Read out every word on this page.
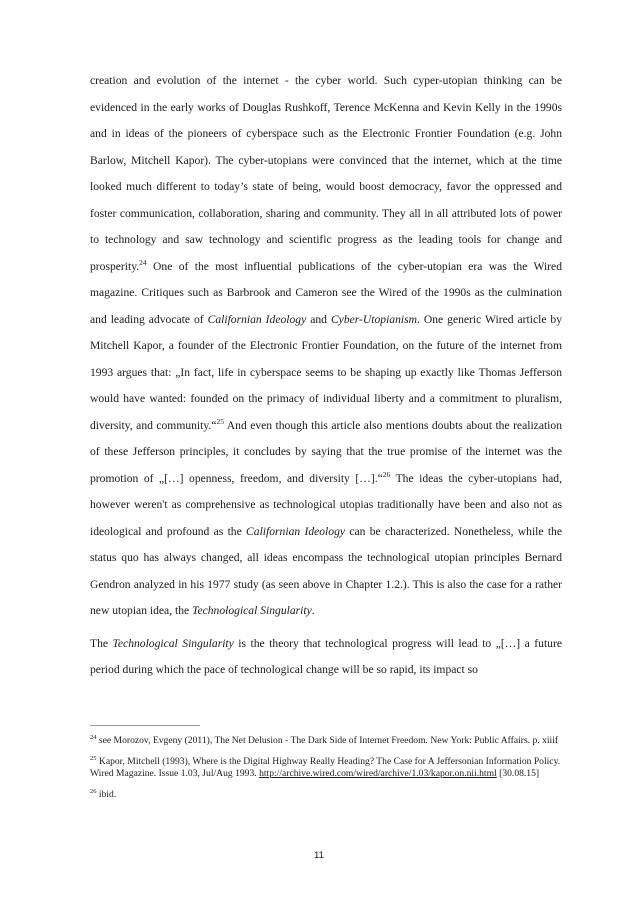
creation and evolution of the internet - the cyber world. Such cyper-utopian thinking can be evidenced in the early works of Douglas Rushkoff, Terence McKenna and Kevin Kelly in the 1990s and in ideas of the pioneers of cyberspace such as the Electronic Frontier Foundation (e.g. John Barlow, Mitchell Kapor). The cyber-utopians were convinced that the internet, which at the time looked much different to today’s state of being, would boost democracy, favor the oppressed and foster communication, collaboration, sharing and community. They all in all attributed lots of power to technology and saw technology and scientific progress as the leading tools for change and prosperity.$^{24}$ One of the most influential publications of the cyber-utopian era was the Wired magazine. Critiques such as Barbrook and Cameron see the Wired of the 1990s as the culmination and leading advocate of Californian Ideology and Cyber-Utopianism. One generic Wired article by Mitchell Kapor, a founder of the Electronic Frontier Foundation, on the future of the internet from 1993 argues that: „In fact, life in cyberspace seems to be shaping up exactly like Thomas Jefferson would have wanted: founded on the primacy of individual liberty and a commitment to pluralism, diversity, and community.“$^{25}$ And even though this article also mentions doubts about the realization of these Jefferson principles, it concludes by saying that the true promise of the internet was the promotion of „[…] openness, freedom, and diversity […].“$^{26}$ The ideas the cyber-utopians had, however weren't as comprehensive as technological utopias traditionally have been and also not as ideological and profound as the Californian Ideology can be characterized. Nonetheless, while the status quo has always changed, all ideas encompass the technological utopian principles Bernard Gendron analyzed in his 1977 study (as seen above in Chapter 1.2.). This is also the case for a rather new utopian idea, the Technological Singularity.

The Technological Singularity is the theory that technological progress will lead to „[…] a future period during which the pace of technological change will be so rapid, its impact so

$^{24}$ see Morozov, Evgeny (2011), The Net Delusion - The Dark Side of Internet Freedom. New York: Public Affairs. p. xiiif

$^{25}$ Kapor, Mitchell (1993), Where is the Digital Highway Really Heading? The Case for A Jeffersonian Information Policy. Wired Magazine. Issue 1.03, Jul/Aug 1993. http://archive.wired.com/wired/archive/1.03/kapor.on.nii.html [30.08.15]

$^{26}$ ibid.

11
